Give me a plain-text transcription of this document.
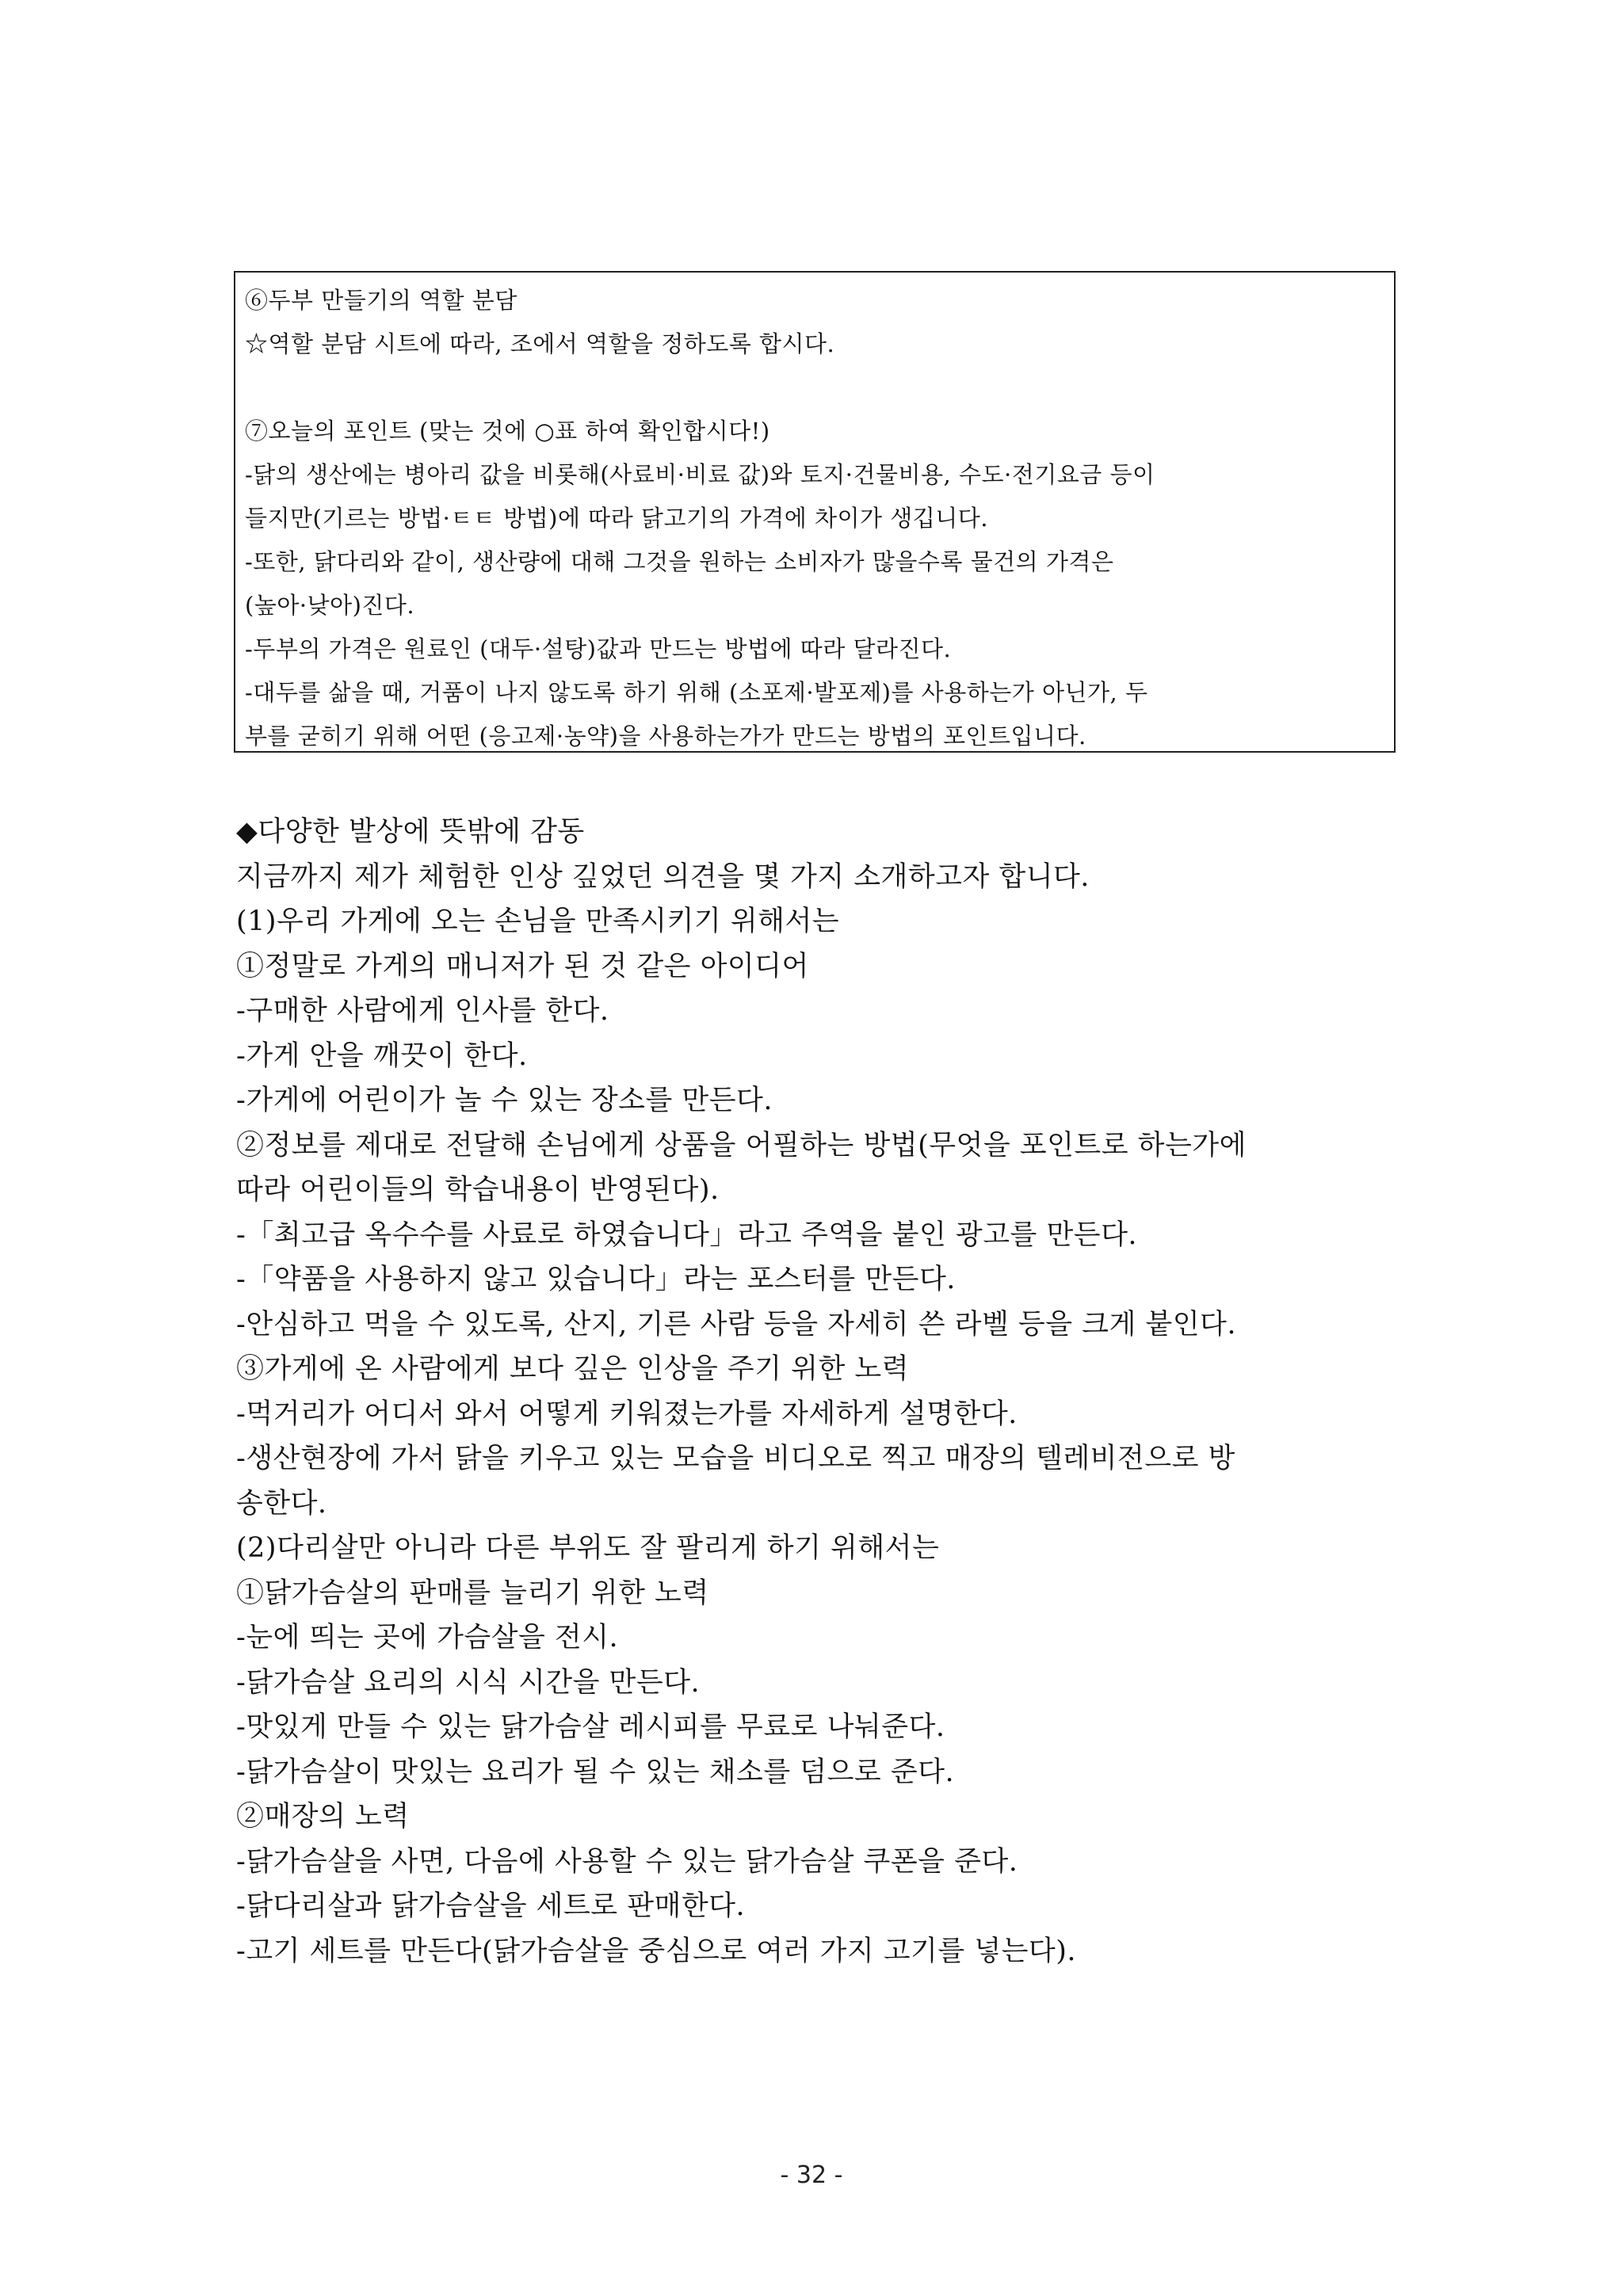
⑥두부 만들기의 역할 분담
☆역할 분담 시트에 따라, 조에서 역할을 정하도록 합시다.
⑦오늘의 포인트 (맞는 것에 ○표 하여 확인합시다!)
-닭의 생산에는 병아리 값을 비롯해(사료비·비료 값)와 토지·건물비용, 수도·전기요금 등이
들지만(기르는 방법·ㅌㅌ 방법)에 따라 닭고기의 가격에 차이가 생깁니다.
-또한, 닭다리와 같이, 생산량에 대해 그것을 원하는 소비자가 많을수록 물건의 가격은
(높아·낮아)진다.
-두부의 가격은 원료인 (대두·설탕)값과 만드는 방법에 따라 달라진다.
-대두를 삶을 때, 거품이 나지 않도록 하기 위해 (소포제·발포제)를 사용하는가 아닌가, 두
부를 굳히기 위해 어떤 (응고제·농약)을 사용하는가가 만드는 방법의 포인트입니다.
◆다양한 발상에 뜻밖에 감동
지금까지 제가 체험한 인상 깊었던 의견을 몇 가지 소개하고자 합니다.
(1)우리 가게에 오는 손님을 만족시키기 위해서는
①정말로 가게의 매니저가 된 것 같은 아이디어
-구매한 사람에게 인사를 한다.
-가게 안을 깨끗이 한다.
-가게에 어린이가 놀 수 있는 장소를 만든다.
②정보를 제대로 전달해 손님에게 상품을 어필하는 방법(무엇을 포인트로 하는가에
따라 어린이들의 학습내용이 반영된다).
-「최고급 옥수수를 사료로 하였습니다」라고 주역을 붙인 광고를 만든다.
-「약품을 사용하지 않고 있습니다」라는 포스터를 만든다.
-안심하고 먹을 수 있도록, 산지, 기른 사람 등을 자세히 쓴 라벨 등을 크게 붙인다.
③가게에 온 사람에게 보다 깊은 인상을 주기 위한 노력
-먹거리가 어디서 와서 어떻게 키워졌는가를 자세하게 설명한다.
-생산현장에 가서 닭을 키우고 있는 모습을 비디오로 찍고 매장의 텔레비전으로 방
송한다.
(2)다리살만 아니라 다른 부위도 잘 팔리게 하기 위해서는
①닭가슴살의 판매를 늘리기 위한 노력
-눈에 띄는 곳에 가슴살을 전시.
-닭가슴살 요리의 시식 시간을 만든다.
-맛있게 만들 수 있는 닭가슴살 레시피를 무료로 나눠준다.
-닭가슴살이 맛있는 요리가 될 수 있는 채소를 덤으로 준다.
②매장의 노력
-닭가슴살을 사면, 다음에 사용할 수 있는 닭가슴살 쿠폰을 준다.
-닭다리살과 닭가슴살을 세트로 판매한다.
-고기 세트를 만든다(닭가슴살을 중심으로 여러 가지 고기를 넣는다).
- 32 -
